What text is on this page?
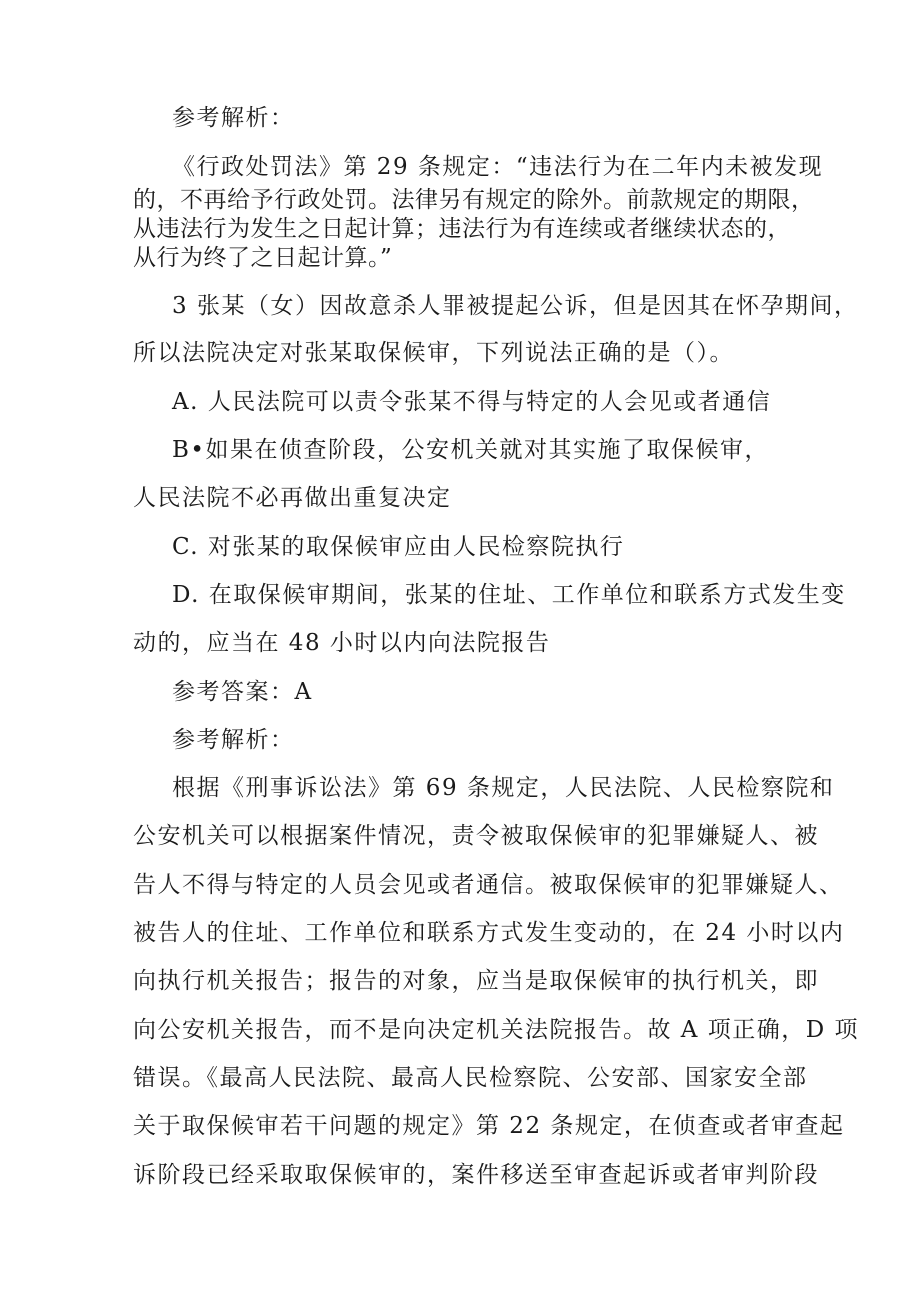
参考解析：
《行政处罚法》第 29 条规定：“违法行为在二年内未被发现
的，不再给予行政处罚。法律另有规定的除外。前款规定的期限，
从违法行为发生之日起计算；违法行为有连续或者继续状态的，
从行为终了之日起计算。”
3 张某（女）因故意杀人罪被提起公诉，但是因其在怀孕期间，
所以法院决定对张某取保候审，下列说法正确的是（）。
A. 人民法院可以责令张某不得与特定的人会见或者通信
B•如果在侦查阶段，公安机关就对其实施了取保候审，
人民法院不必再做出重复决定
C. 对张某的取保候审应由人民检察院执行
D. 在取保候审期间，张某的住址、工作单位和联系方式发生变
动的，应当在 48 小时以内向法院报告
参考答案：A
参考解析：
根据《刑事诉讼法》第 69 条规定，人民法院、人民检察院和
公安机关可以根据案件情况，责令被取保候审的犯罪嫌疑人、被
告人不得与特定的人员会见或者通信。被取保候审的犯罪嫌疑人、
被告人的住址、工作单位和联系方式发生变动的，在 24 小时以内
向执行机关报告；报告的对象，应当是取保候审的执行机关，即
向公安机关报告，而不是向决定机关法院报告。故 A 项正确，D 项
错误。《最高人民法院、最高人民检察院、公安部、国家安全部
关于取保候审若干问题的规定》第 22 条规定，在侦查或者审查起
诉阶段已经采取取保候审的，案件移送至审查起诉或者审判阶段
